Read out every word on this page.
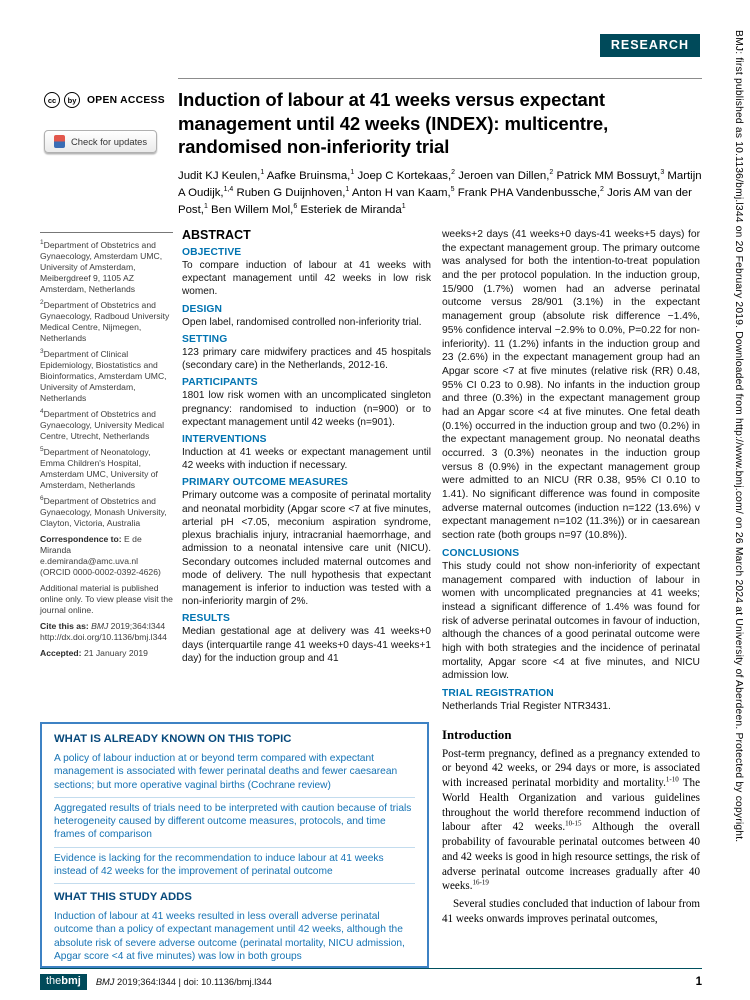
BMJ: first published as 10.1136/bmj.l344 on 20 February 2019. Downloaded from http://www.bmj.com/ on 26 March 2024 at University of Aberdeen. Protected by copyright.
RESEARCH
cc	by	OPEN ACCESS
Check for updates
Induction of labour at 41 weeks versus expectant management until 42 weeks (INDEX): multicentre, randomised non-inferiority trial

Judit KJ Keulen,$^1$ Aafke Bruinsma,$^1$ Joep C Kortekaas,$^2$ Jeroen van Dillen,$^2$ Patrick MM Bossuyt,$^3$ Martijn A Oudijk,$^{1,4}$ Ruben G Duijnhoven,$^1$ Anton H van Kaam,$^5$ Frank PHA Vandenbussche,$^2$ Joris AM van der Post,$^1$ Ben Willem Mol,$^6$ Esteriek de Miranda$^1$

$^1$Department of Obstetrics and Gynaecology, Amsterdam UMC, University of Amsterdam, Meibergdreef 9, 1105 AZ Amsterdam, Netherlands

$^2$Department of Obstetrics and Gynaecology, Radboud University Medical Centre, Nijmegen, Netherlands

$^3$Department of Clinical Epidemiology, Biostatistics and Bioinformatics, Amsterdam UMC, University of Amsterdam, Netherlands

$^4$Department of Obstetrics and Gynaecology, University Medical Centre, Utrecht, Netherlands

$^5$Department of Neonatology, Emma Children's Hospital, Amsterdam UMC, University of Amsterdam, Netherlands

$^6$Department of Obstetrics and Gynaecology, Monash University, Clayton, Victoria, Australia

Correspondence to: E de Miranda
e.demiranda@amc.uva.nl
(ORCID 0000-0002-0392-4626)

Additional material is published online only. To view please visit the journal online.

Cite this as: BMJ 2019;364:l344
http://dx.doi.org/10.1136/bmj.l344

Accepted: 21 January 2019

ABSTRACT
OBJECTIVE

To compare induction of labour at 41 weeks with expectant management until 42 weeks in low risk women.

DESIGN

Open label, randomised controlled non-inferiority trial.

SETTING

123 primary care midwifery practices and 45 hospitals (secondary care) in the Netherlands, 2012-16.

PARTICIPANTS

1801 low risk women with an uncomplicated singleton pregnancy: randomised to induction (n=900) or to expectant management until 42 weeks (n=901).

INTERVENTIONS

Induction at 41 weeks or expectant management until 42 weeks with induction if necessary.

PRIMARY OUTCOME MEASURES

Primary outcome was a composite of perinatal mortality and neonatal morbidity (Apgar score <7 at five minutes, arterial pH <7.05, meconium aspiration syndrome, plexus brachialis injury, intracranial haemorrhage, and admission to a neonatal intensive care unit (NICU). Secondary outcomes included maternal outcomes and mode of delivery. The null hypothesis that expectant management is inferior to induction was tested with a non-inferiority margin of 2%.

RESULTS

Median gestational age at delivery was 41 weeks+0 days (interquartile range 41 weeks+0 days-41 weeks+1 day) for the induction group and 41

weeks+2 days (41 weeks+0 days-41 weeks+5 days) for the expectant management group. The primary outcome was analysed for both the intention-to-treat population and the per protocol population. In the induction group, 15/900 (1.7%) women had an adverse perinatal outcome versus 28/901 (3.1%) in the expectant management group (absolute risk difference −1.4%, 95% confidence interval −2.9% to 0.0%, P=0.22 for non-inferiority). 11 (1.2%) infants in the induction group and 23 (2.6%) in the expectant management group had an Apgar score <7 at five minutes (relative risk (RR) 0.48, 95% CI 0.23 to 0.98). No infants in the induction group and three (0.3%) in the expectant management group had an Apgar score <4 at five minutes. One fetal death (0.1%) occurred in the induction group and two (0.2%) in the expectant management group. No neonatal deaths occurred. 3 (0.3%) neonates in the induction group versus 8 (0.9%) in the expectant management group were admitted to an NICU (RR 0.38, 95% CI 0.10 to 1.41). No significant difference was found in composite adverse maternal outcomes (induction n=122 (13.6%) v expectant management n=102 (11.3%)) or in caesarean section rate (both groups n=97 (10.8%)).

CONCLUSIONS

This study could not show non-inferiority of expectant management compared with induction of labour in women with uncomplicated pregnancies at 41 weeks; instead a significant difference of 1.4% was found for risk of adverse perinatal outcomes in favour of induction, although the chances of a good perinatal outcome were high with both strategies and the incidence of perinatal mortality, Apgar score <4 at five minutes, and NICU admission low.

TRIAL REGISTRATION

Netherlands Trial Register NTR3431.

Introduction

Post-term pregnancy, defined as a pregnancy extended to or beyond 42 weeks, or 294 days or more, is associated with increased perinatal morbidity and mortality.$^{1-10}$ The World Health Organization and various guidelines throughout the world therefore recommend induction of labour after 42 weeks.$^{10-15}$ Although the overall probability of favourable perinatal outcomes between 40 and 42 weeks is good in high resource settings, the risk of adverse perinatal outcome increases gradually after 40 weeks.$^{16-19}$

Several studies concluded that induction of labour from 41 weeks onwards improves perinatal outcomes,

WHAT IS ALREADY KNOWN ON THIS TOPIC

A policy of labour induction at or beyond term compared with expectant management is associated with fewer perinatal deaths and fewer caesarean sections; but more operative vaginal births (Cochrane review)

Aggregated results of trials need to be interpreted with caution because of trials heterogeneity caused by different outcome measures, protocols, and time frames of comparison

Evidence is lacking for the recommendation to induce labour at 41 weeks instead of 42 weeks for the improvement of perinatal outcome

WHAT THIS STUDY ADDS

Induction of labour at 41 weeks resulted in less overall adverse perinatal outcome than a policy of expectant management until 42 weeks, although the absolute risk of severe adverse outcome (perinatal mortality, NICU admission, Apgar score <4 at five minutes) was low in both groups

thebmj	BMJ 2019;364:l344 | doi: 10.1136/bmj.l344	1
